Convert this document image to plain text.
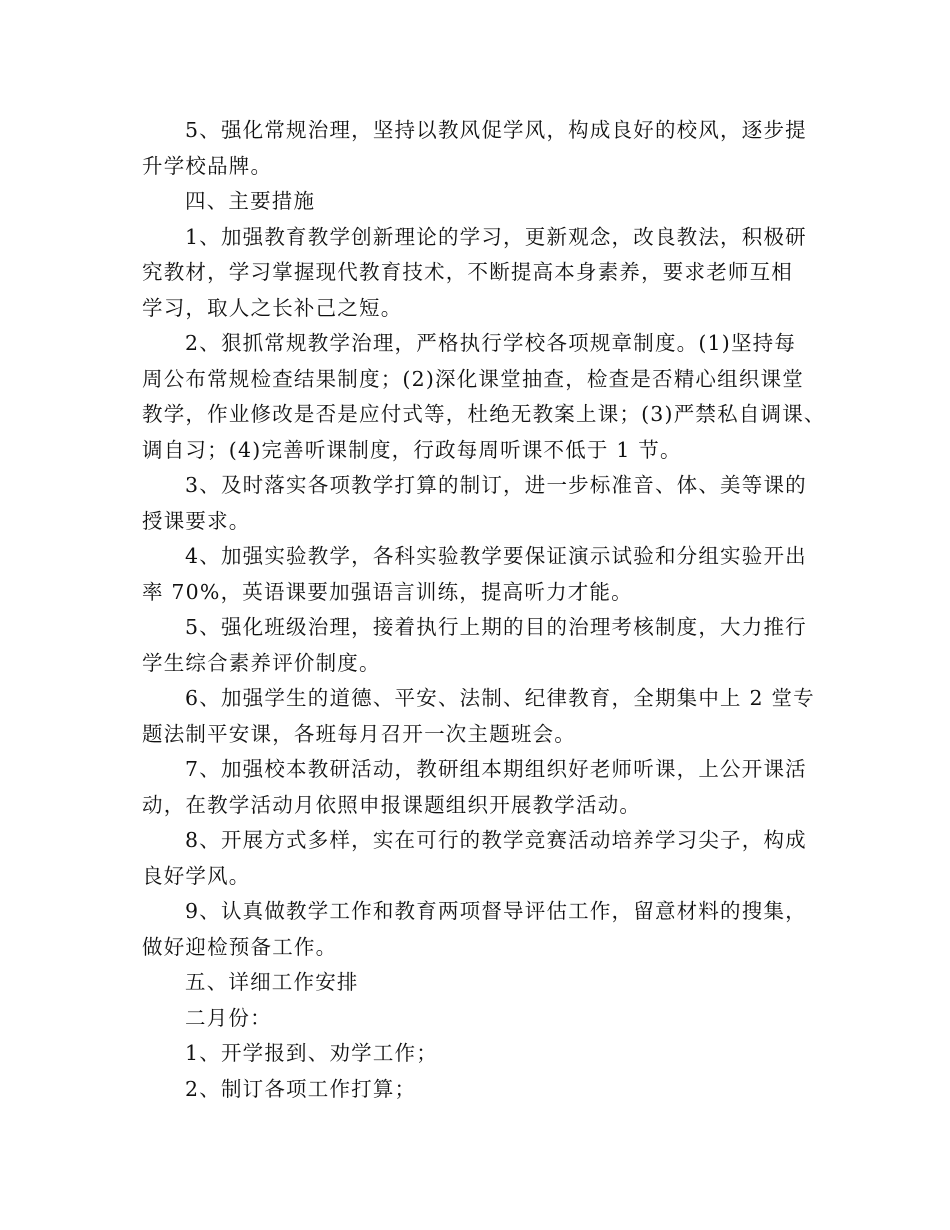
5、强化常规治理，坚持以教风促学风，构成良好的校风，逐步提
升学校品牌。

四、主要措施

1、加强教育教学创新理论的学习，更新观念，改良教法，积极研
究教材，学习掌握现代教育技术，不断提高本身素养，要求老师互相
学习，取人之长补己之短。

2、狠抓常规教学治理，严格执行学校各项规章制度。(1)坚持每
周公布常规检查结果制度；(2)深化课堂抽查，检查是否精心组织课堂
教学，作业修改是否是应付式等，杜绝无教案上课；(3)严禁私自调课、
调自习；(4)完善听课制度，行政每周听课不低于 1 节。

3、及时落实各项教学打算的制订，进一步标准音、体、美等课的
授课要求。

4、加强实验教学，各科实验教学要保证演示试验和分组实验开出
率 70%，英语课要加强语言训练，提高听力才能。

5、强化班级治理，接着执行上期的目的治理考核制度，大力推行
学生综合素养评价制度。

6、加强学生的道德、平安、法制、纪律教育，全期集中上 2 堂专
题法制平安课，各班每月召开一次主题班会。

7、加强校本教研活动，教研组本期组织好老师听课，上公开课活
动，在教学活动月依照申报课题组织开展教学活动。

8、开展方式多样，实在可行的教学竞赛活动培养学习尖子，构成
良好学风。

9、认真做教学工作和教育两项督导评估工作，留意材料的搜集，
做好迎检预备工作。

五、详细工作安排

二月份：

1、开学报到、劝学工作；

2、制订各项工作打算；
